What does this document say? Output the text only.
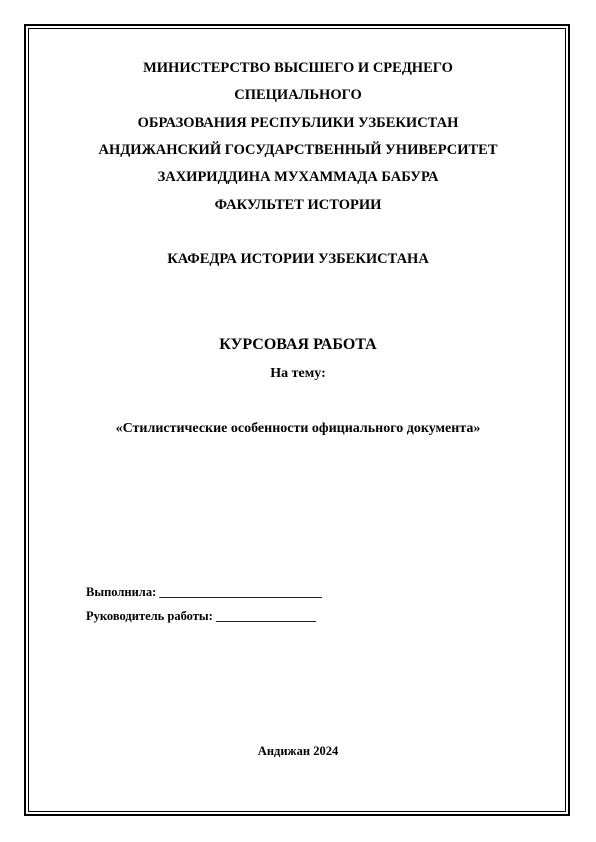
МИНИСТЕРСТВО ВЫСШЕГО И СРЕДНЕГО
СПЕЦИАЛЬНОГО
ОБРАЗОВАНИЯ РЕСПУБЛИКИ УЗБЕКИСТАН
АНДИЖАНСКИЙ ГОСУДАРСТВЕННЫЙ УНИВЕРСИТЕТ
ЗАХИРИДДИНА МУХАММАДА БАБУРА
ФАКУЛЬТЕТ ИСТОРИИ
КАФЕДРА ИСТОРИИ УЗБЕКИСТАНА
КУРСОВАЯ РАБОТА
На тему:
«Стилистические особенности официального документа»
Выполнила: __________________________
Руководитель работы: ________________
Андижан 2024
